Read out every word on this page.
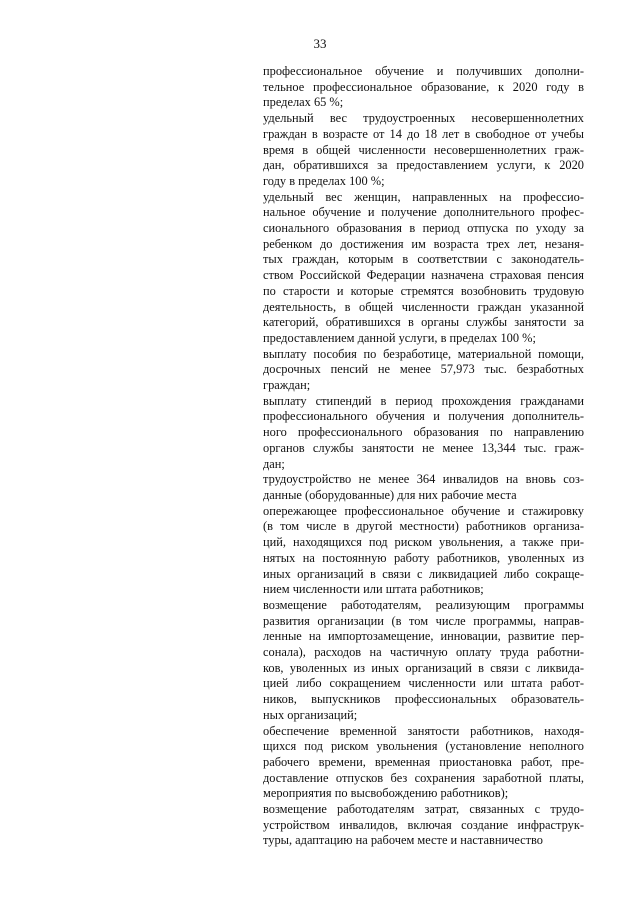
33
профессиональное обучение и получивших дополни-
тельное профессиональное образование, к 2020 году в
пределах 65 %;
удельный вес трудоустроенных несовершеннолетних
граждан в возрасте от 14 до 18 лет в свободное от учебы
время в общей численности несовершеннолетних граж-
дан, обратившихся за предоставлением услуги, к 2020
году в пределах 100 %;
удельный вес женщин, направленных на профессио-
нальное обучение и получение дополнительного профес-
сионального образования в период отпуска по уходу за
ребенком до достижения им возраста трех лет, незаня-
тых граждан, которым в соответствии с законодатель-
ством Российской Федерации назначена страховая пенсия
по старости и которые стремятся возобновить трудовую
деятельность, в общей численности граждан указанной
категорий, обратившихся в органы службы занятости за
предоставлением данной услуги, в пределах 100 %;
выплату пособия по безработице, материальной помощи,
досрочных пенсий не менее 57,973 тыс. безработных
граждан;
выплату стипендий в период прохождения гражданами
профессионального обучения и получения дополнитель-
ного профессионального образования по направлению
органов службы занятости не менее 13,344 тыс. граж-
дан;
трудоустройство не менее 364 инвалидов на вновь соз-
данные (оборудованные) для них рабочие места
опережающее профессиональное обучение и стажировку
(в том числе в другой местности) работников организа-
ций, находящихся под риском увольнения, а также при-
нятых на постоянную работу работников, уволенных из
иных организаций в связи с ликвидацией либо сокраще-
нием численности или штата работников;
возмещение работодателям, реализующим программы
развития организации (в том числе программы, направ-
ленные на импортозамещение, инновации, развитие пер-
сонала), расходов на частичную оплату труда работни-
ков, уволенных из иных организаций в связи с ликвида-
цией либо сокращением численности или штата работ-
ников, выпускников профессиональных образователь-
ных организаций;
обеспечение временной занятости работников, находя-
щихся под риском увольнения (установление неполного
рабочего времени, временная приостановка работ, пре-
доставление отпусков без сохранения заработной платы,
мероприятия по высвобождению работников);
возмещение работодателям затрат, связанных с трудо-
устройством инвалидов, включая создание инфраструк-
туры, адаптацию на рабочем месте и наставничество
